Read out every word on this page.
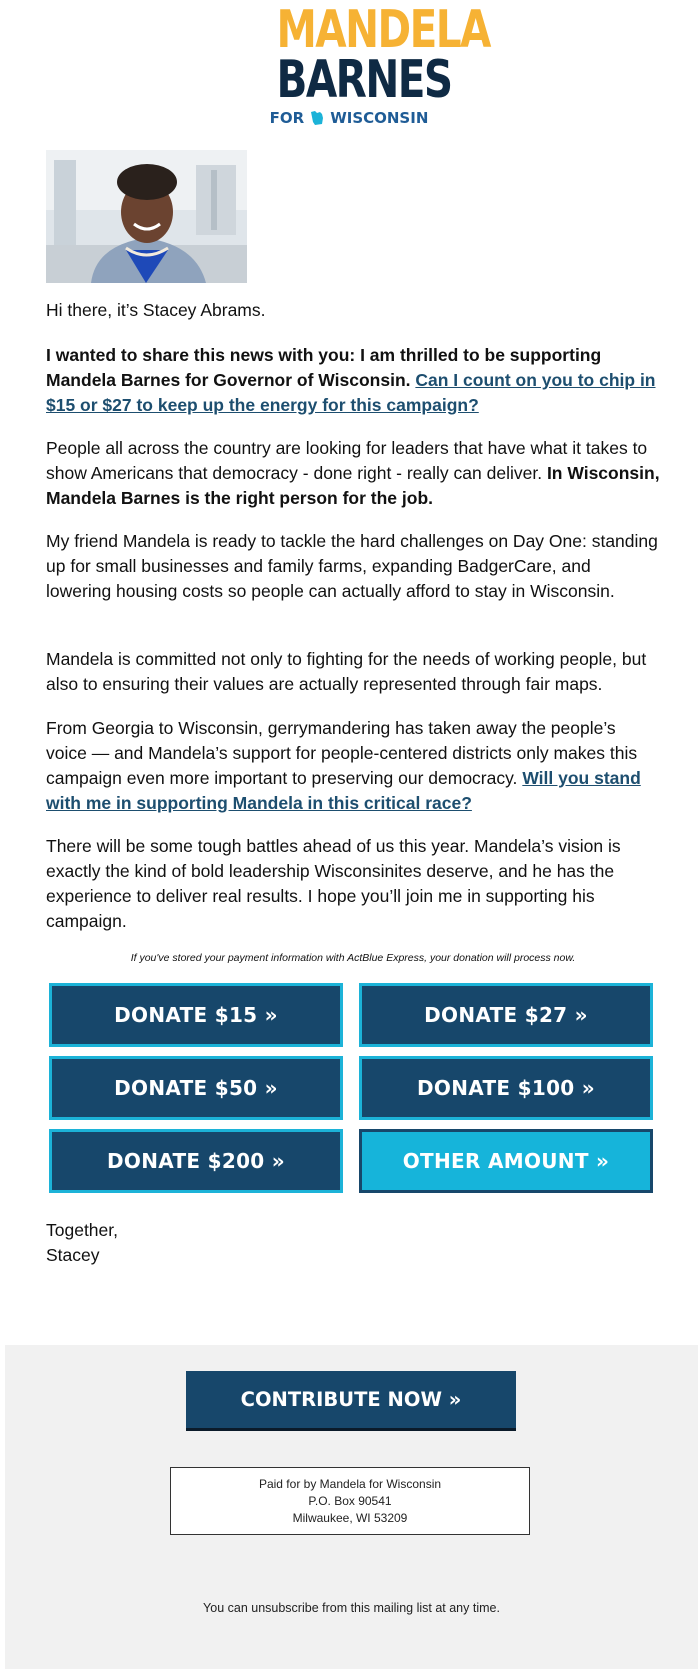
MANDELA
BARNES
FOR WISCONSIN

Hi there, it’s Stacey Abrams.

I wanted to share this news with you: I am thrilled to be supporting Mandela Barnes for Governor of Wisconsin. Can I count on you to chip in $15 or $27 to keep up the energy for this campaign?

People all across the country are looking for leaders that have what it takes to show Americans that democracy - done right - really can deliver. In Wisconsin, Mandela Barnes is the right person for the job.

My friend Mandela is ready to tackle the hard challenges on Day One: standing up for small businesses and family farms, expanding BadgerCare, and lowering housing costs so people can actually afford to stay in Wisconsin.

Mandela is committed not only to fighting for the needs of working people, but also to ensuring their values are actually represented through fair maps.

From Georgia to Wisconsin, gerrymandering has taken away the people’s voice — and Mandela’s support for people-centered districts only makes this campaign even more important to preserving our democracy. Will you stand with me in supporting Mandela in this critical race?

There will be some tough battles ahead of us this year. Mandela’s vision is exactly the kind of bold leadership Wisconsinites deserve, and he has the experience to deliver real results. I hope you’ll join me in supporting his campaign.

If you've stored your payment information with ActBlue Express, your donation will process now.
DONATE $15 »	DONATE $27 »
DONATE $50 »	DONATE $100 »
DONATE $200 »	OTHER AMOUNT »
Together,
Stacey
CONTRIBUTE NOW »
Paid for by Mandela for Wisconsin
P.O. Box 90541
Milwaukee, WI 53209
You can unsubscribe from this mailing list at any time.
